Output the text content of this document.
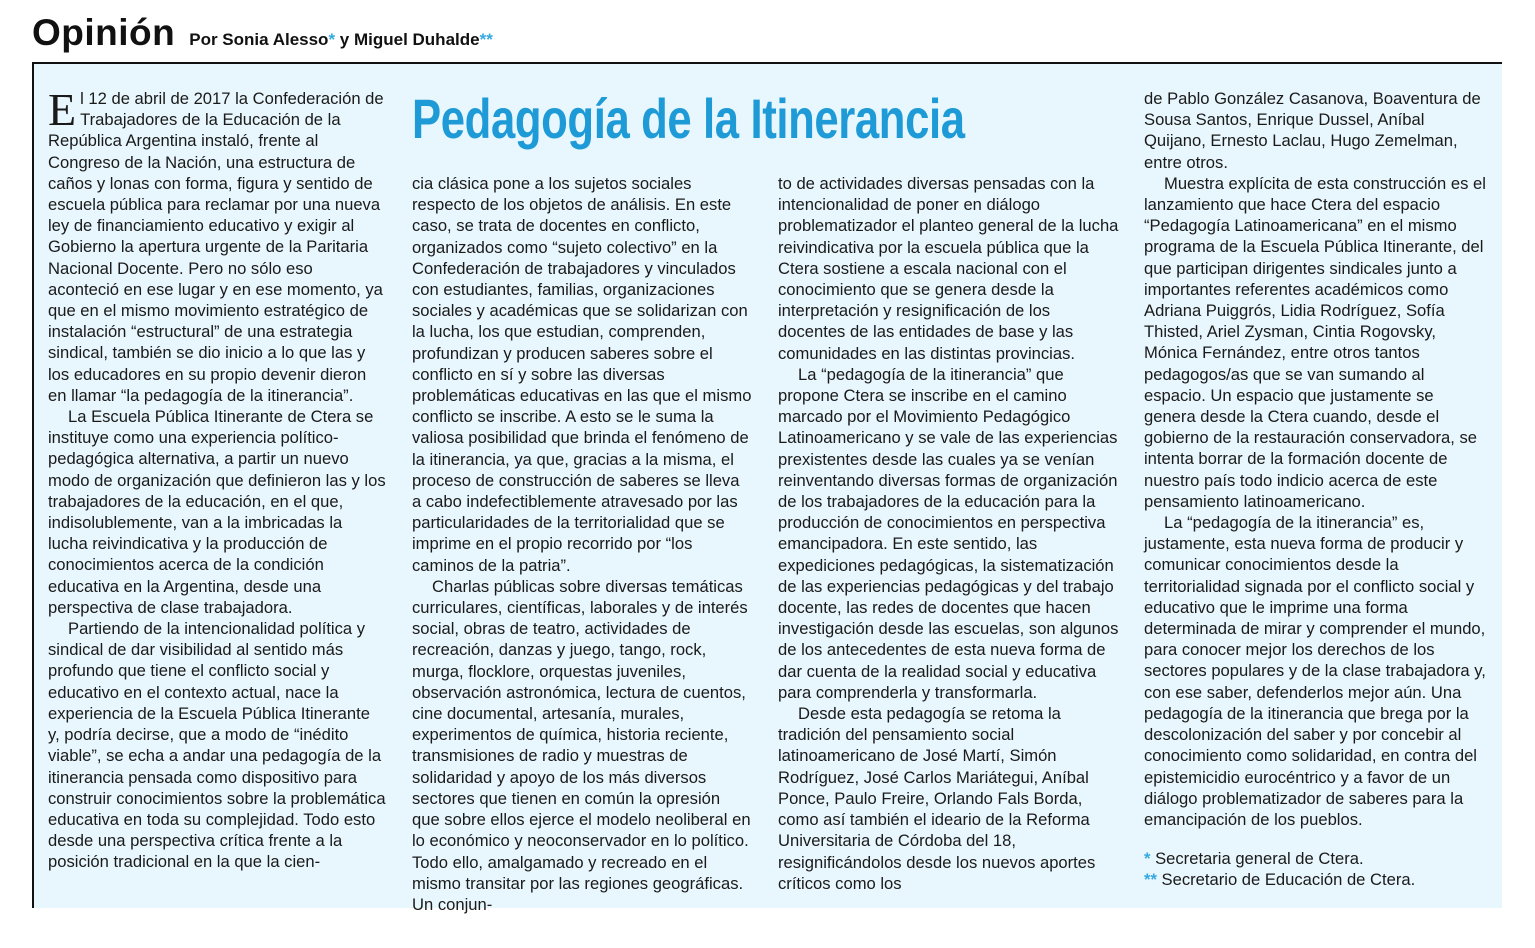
Opinión Por Sonia Alesso* y Miguel Duhalde**
Pedagogía de la Itinerancia

El 12 de abril de 2017 la Confederación de Trabajadores de la Educación de la República Argentina instaló, frente al Congreso de la Nación, una estructura de caños y lonas con forma, figura y sentido de escuela pública para reclamar por una nueva ley de financiamiento educativo y exigir al Gobierno la apertura urgente de la Paritaria Nacional Docente. Pero no sólo eso aconteció en ese lugar y en ese momento, ya que en el mismo movimiento estratégico de instalación “estructural” de una estrategia sindical, también se dio inicio a lo que las y los educadores en su propio devenir dieron en llamar “la pedagogía de la itinerancia”.

La Escuela Pública Itinerante de Ctera se instituye como una experiencia político-pedagógica alternativa, a partir un nuevo modo de organización que definieron las y los trabajadores de la educación, en el que, indisolublemente, van a la imbricadas la lucha reivindicativa y la producción de conocimientos acerca de la condición educativa en la Argentina, desde una perspectiva de clase trabajadora.

Partiendo de la intencionalidad política y sindical de dar visibilidad al sentido más profundo que tiene el conflicto social y educativo en el contexto actual, nace la experiencia de la Escuela Pública Itinerante y, podría decirse, que a modo de “inédito viable”, se echa a andar una pedagogía de la itinerancia pensada como dispositivo para construir conocimientos sobre la problemática educativa en toda su complejidad. Todo esto desde una perspectiva crítica frente a la posición tradicional en la que la cien-

cia clásica pone a los sujetos sociales respecto de los objetos de análisis. En este caso, se trata de docentes en conflicto, organizados como “sujeto colectivo” en la Confederación de trabajadores y vinculados con estudiantes, familias, organizaciones sociales y académicas que se solidarizan con la lucha, los que estudian, comprenden, profundizan y producen saberes sobre el conflicto en sí y sobre las diversas problemáticas educativas en las que el mismo conflicto se inscribe. A esto se le suma la valiosa posibilidad que brinda el fenómeno de la itinerancia, ya que, gracias a la misma, el proceso de construcción de saberes se lleva a cabo indefectiblemente atravesado por las particularidades de la territorialidad que se imprime en el propio recorrido por “los caminos de la patria”.

Charlas públicas sobre diversas temáticas curriculares, científicas, laborales y de interés social, obras de teatro, actividades de recreación, danzas y juego, tango, rock, murga, flocklore, orquestas juveniles, observación astronómica, lectura de cuentos, cine documental, artesanía, murales, experimentos de química, historia reciente, transmisiones de radio y muestras de solidaridad y apoyo de los más diversos sectores que tienen en común la opresión que sobre ellos ejerce el modelo neoliberal en lo económico y neoconservador en lo político. Todo ello, amalgamado y recreado en el mismo transitar por las regiones geográficas. Un conjun-

to de actividades diversas pensadas con la intencionalidad de poner en diálogo problematizador el planteo general de la lucha reivindicativa por la escuela pública que la Ctera sostiene a escala nacional con el conocimiento que se genera desde la interpretación y resignificación de los docentes de las entidades de base y las comunidades en las distintas provincias.

La “pedagogía de la itinerancia” que propone Ctera se inscribe en el camino marcado por el Movimiento Pedagógico Latinoamericano y se vale de las experiencias prexistentes desde las cuales ya se venían reinventando diversas formas de organización de los trabajadores de la educación para la producción de conocimientos en perspectiva emancipadora. En este sentido, las expediciones pedagógicas, la sistematización de las experiencias pedagógicas y del trabajo docente, las redes de docentes que hacen investigación desde las escuelas, son algunos de los antecedentes de esta nueva forma de dar cuenta de la realidad social y educativa para comprenderla y transformarla.

Desde esta pedagogía se retoma la tradición del pensamiento social latinoamericano de José Martí, Simón Rodríguez, José Carlos Mariátegui, Aníbal Ponce, Paulo Freire, Orlando Fals Borda, como así también el ideario de la Reforma Universitaria de Córdoba del 18, resignificándolos desde los nuevos aportes críticos como los

de Pablo González Casanova, Boaventura de Sousa Santos, Enrique Dussel, Aníbal Quijano, Ernesto Laclau, Hugo Zemelman, entre otros.

Muestra explícita de esta construcción es el lanzamiento que hace Ctera del espacio “Pedagogía Latinoamericana” en el mismo programa de la Escuela Pública Itinerante, del que participan dirigentes sindicales junto a importantes referentes académicos como Adriana Puiggrós, Lidia Rodríguez, Sofía Thisted, Ariel Zysman, Cintia Rogovsky, Mónica Fernández, entre otros tantos pedagogos/as que se van sumando al espacio. Un espacio que justamente se genera desde la Ctera cuando, desde el gobierno de la restauración conservadora, se intenta borrar de la formación docente de nuestro país todo indicio acerca de este pensamiento latinoamericano.

La “pedagogía de la itinerancia” es, justamente, esta nueva forma de producir y comunicar conocimientos desde la territorialidad signada por el conflicto social y educativo que le imprime una forma determinada de mirar y comprender el mundo, para conocer mejor los derechos de los sectores populares y de la clase trabajadora y, con ese saber, defenderlos mejor aún. Una pedagogía de la itinerancia que brega por la descolonización del saber y por concebir al conocimiento como solidaridad, en contra del epistemicidio eurocéntrico y a favor de un diálogo problematizador de saberes para la emancipación de los pueblos.

* Secretaria general de Ctera.
** Secretario de Educación de Ctera.
